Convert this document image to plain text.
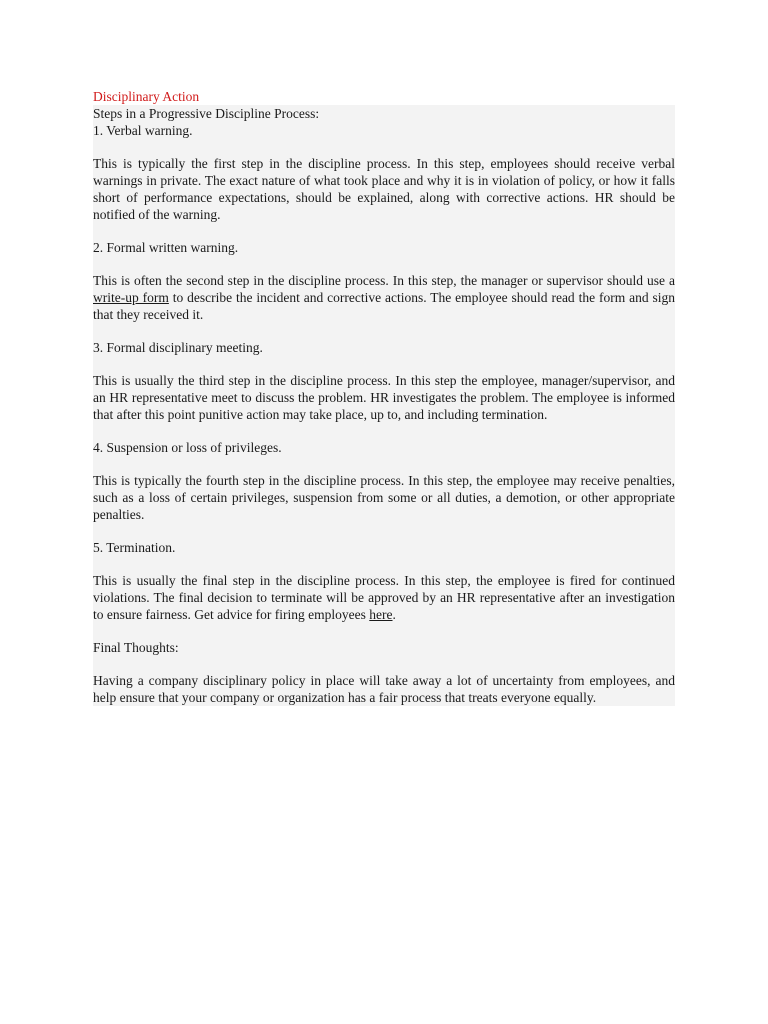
Disciplinary Action

Steps in a Progressive Discipline Process:

1. Verbal warning.

This is typically the first step in the discipline process. In this step, employees should receive verbal warnings in private. The exact nature of what took place and why it is in violation of policy, or how it falls short of performance expectations, should be explained, along with corrective actions. HR should be notified of the warning.

2. Formal written warning.

This is often the second step in the discipline process. In this step, the manager or supervisor should use a write-up form to describe the incident and corrective actions. The employee should read the form and sign that they received it.

3. Formal disciplinary meeting.

This is usually the third step in the discipline process. In this step the employee, manager/supervisor, and an HR representative meet to discuss the problem. HR investigates the problem. The employee is informed that after this point punitive action may take place, up to, and including termination.

4. Suspension or loss of privileges.

This is typically the fourth step in the discipline process. In this step, the employee may receive penalties, such as a loss of certain privileges, suspension from some or all duties, a demotion, or other appropriate penalties.

5. Termination.

This is usually the final step in the discipline process. In this step, the employee is fired for continued violations. The final decision to terminate will be approved by an HR representative after an investigation to ensure fairness. Get advice for firing employees here.

Final Thoughts:

Having a company disciplinary policy in place will take away a lot of uncertainty from employees, and help ensure that your company or organization has a fair process that treats everyone equally.
